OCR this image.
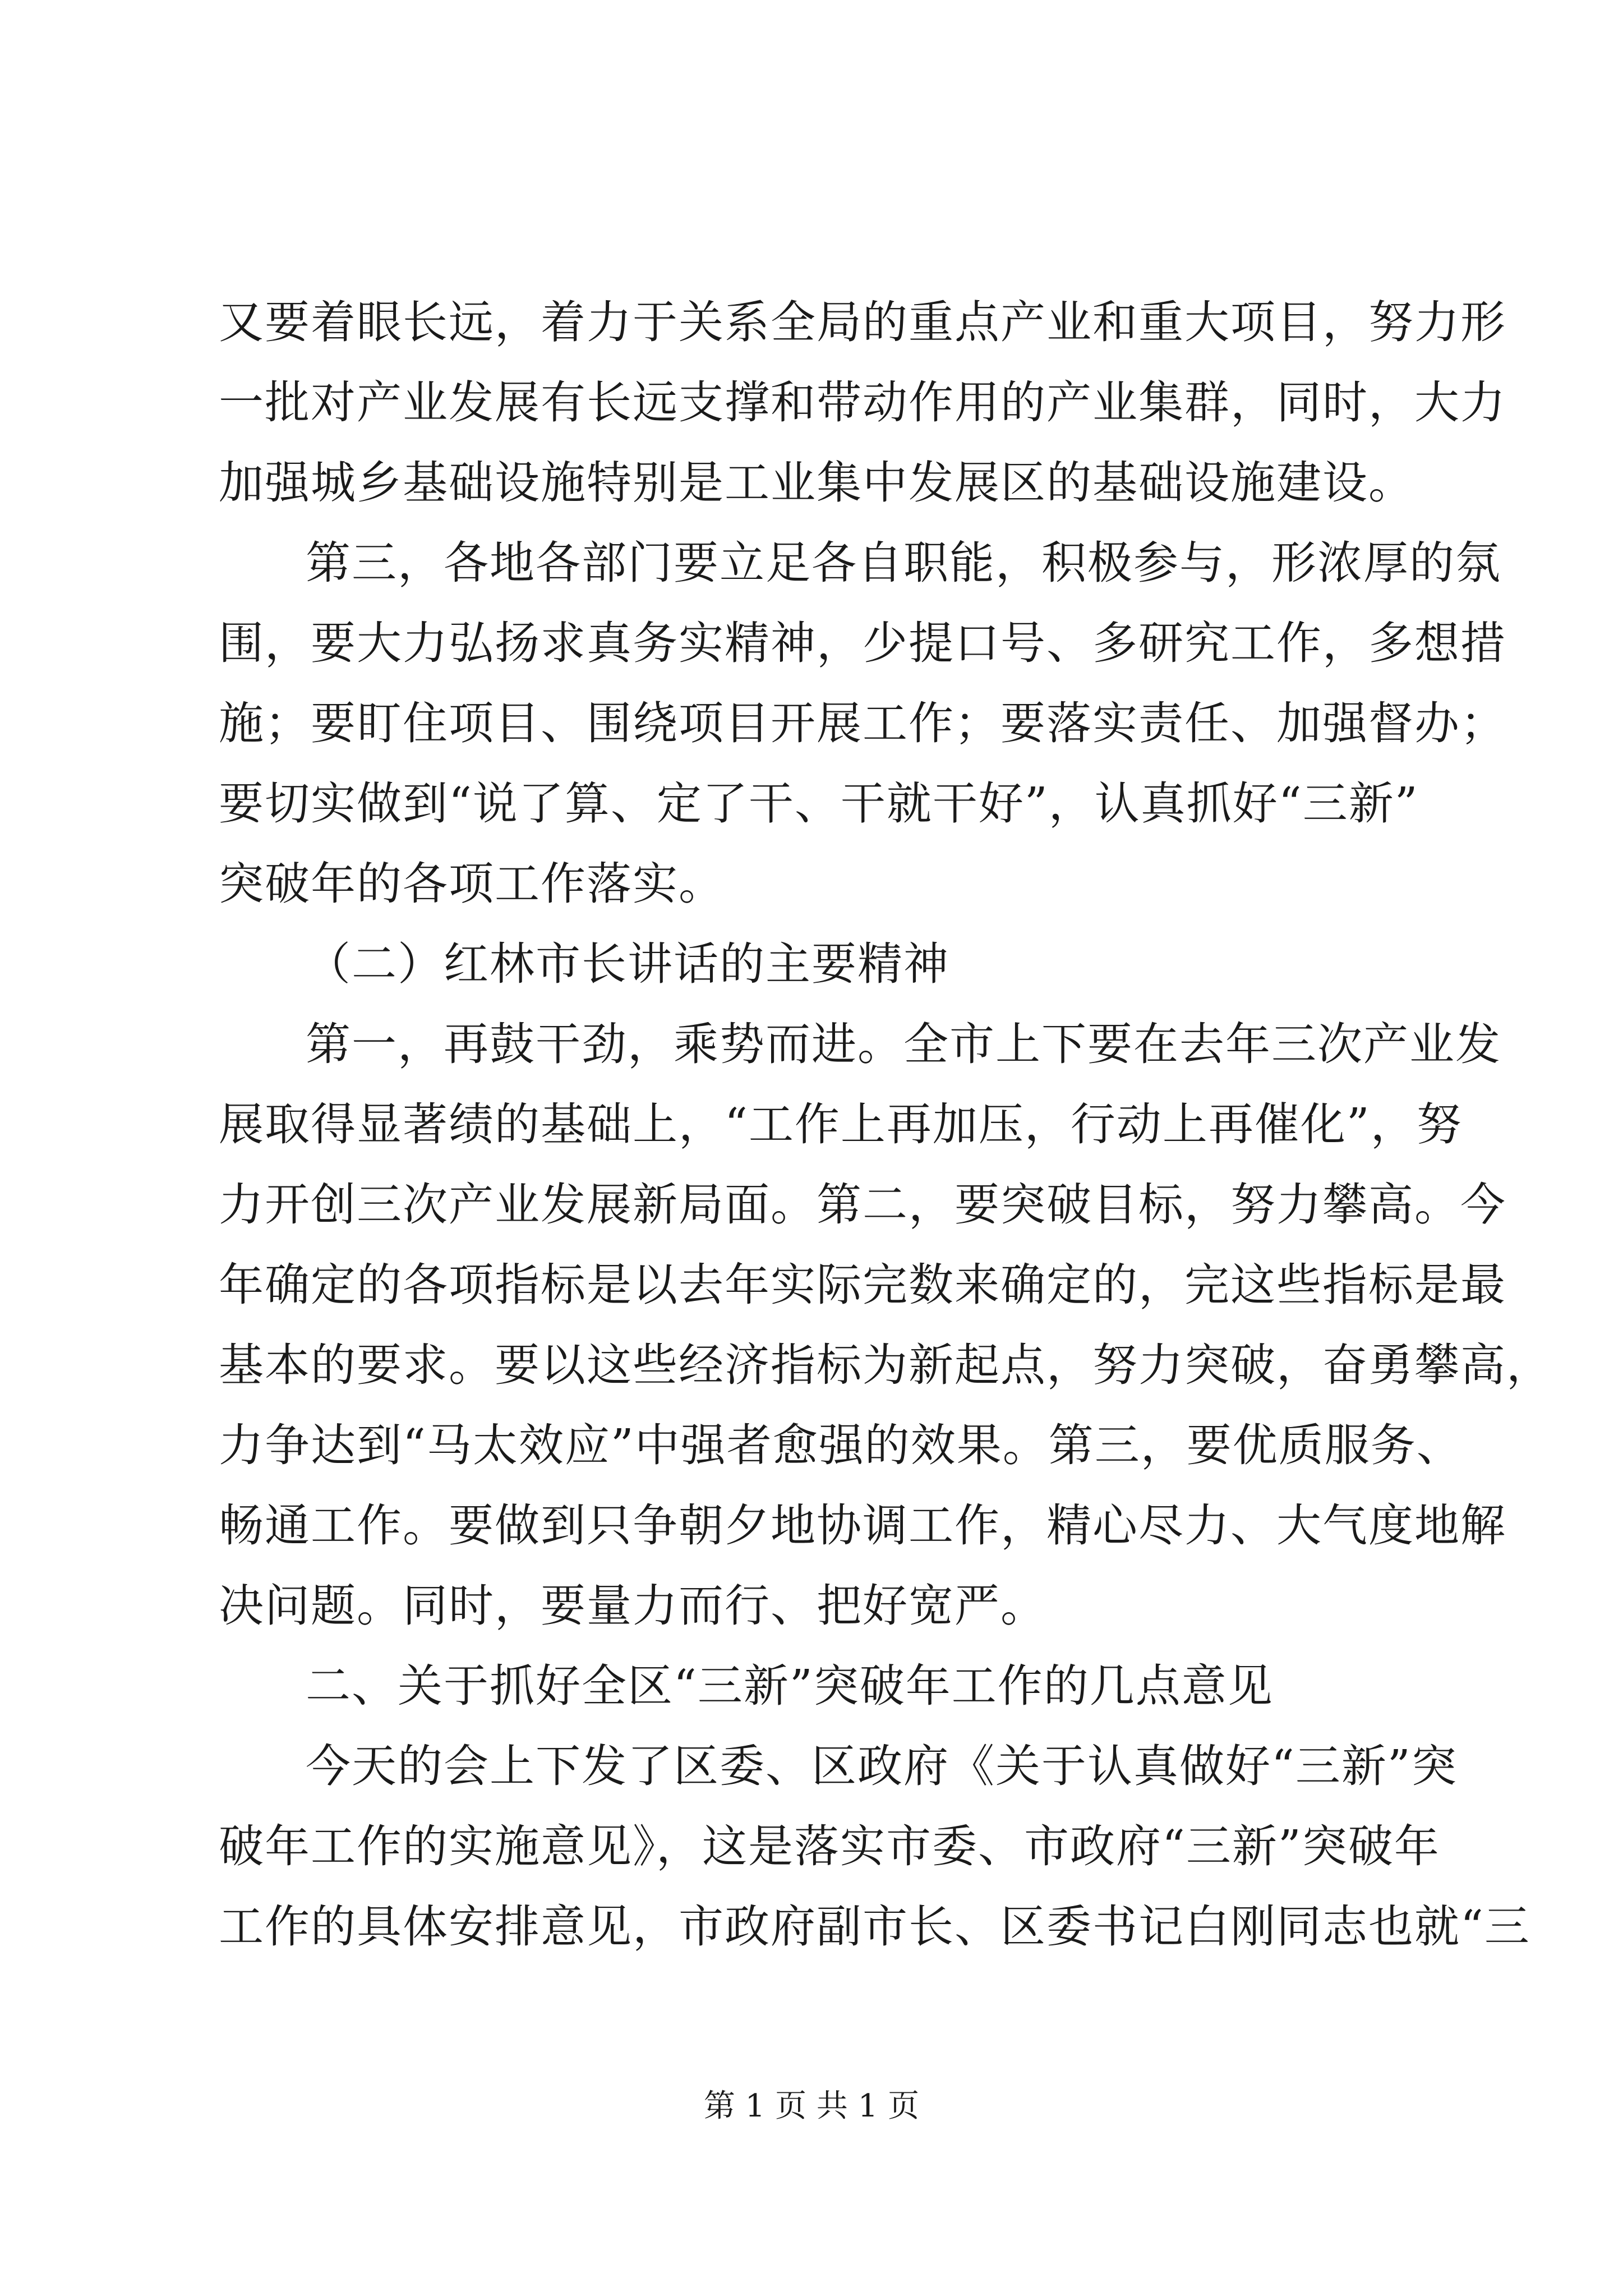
又要着眼长远，着力于关系全局的重点产业和重大项目，努力形
一批对产业发展有长远支撑和带动作用的产业集群，同时，大力
加强城乡基础设施特别是工业集中发展区的基础设施建设。
第三，各地各部门要立足各自职能，积极参与，形浓厚的氛
围，要大力弘扬求真务实精神，少提口号、多研究工作，多想措
施；要盯住项目、围绕项目开展工作；要落实责任、加强督办；
要切实做到“说了算、定了干、干就干好”，认真抓好“三新”
突破年的各项工作落实。
（二）红林市长讲话的主要精神
第一，再鼓干劲，乘势而进。全市上下要在去年三次产业发
展取得显著绩的基础上，“工作上再加压，行动上再催化”，努
力开创三次产业发展新局面。第二，要突破目标，努力攀高。今
年确定的各项指标是以去年实际完数来确定的，完这些指标是最
基本的要求。要以这些经济指标为新起点，努力突破，奋勇攀高，
力争达到“马太效应”中强者愈强的效果。第三，要优质服务、
畅通工作。要做到只争朝夕地协调工作，精心尽力、大气度地解
决问题。同时，要量力而行、把好宽严。
二、关于抓好全区“三新”突破年工作的几点意见
今天的会上下发了区委、区政府《关于认真做好“三新”突
破年工作的实施意见》，这是落实市委、市政府“三新”突破年
工作的具体安排意见，市政府副市长、区委书记白刚同志也就“三
第 1 页 共 1 页
